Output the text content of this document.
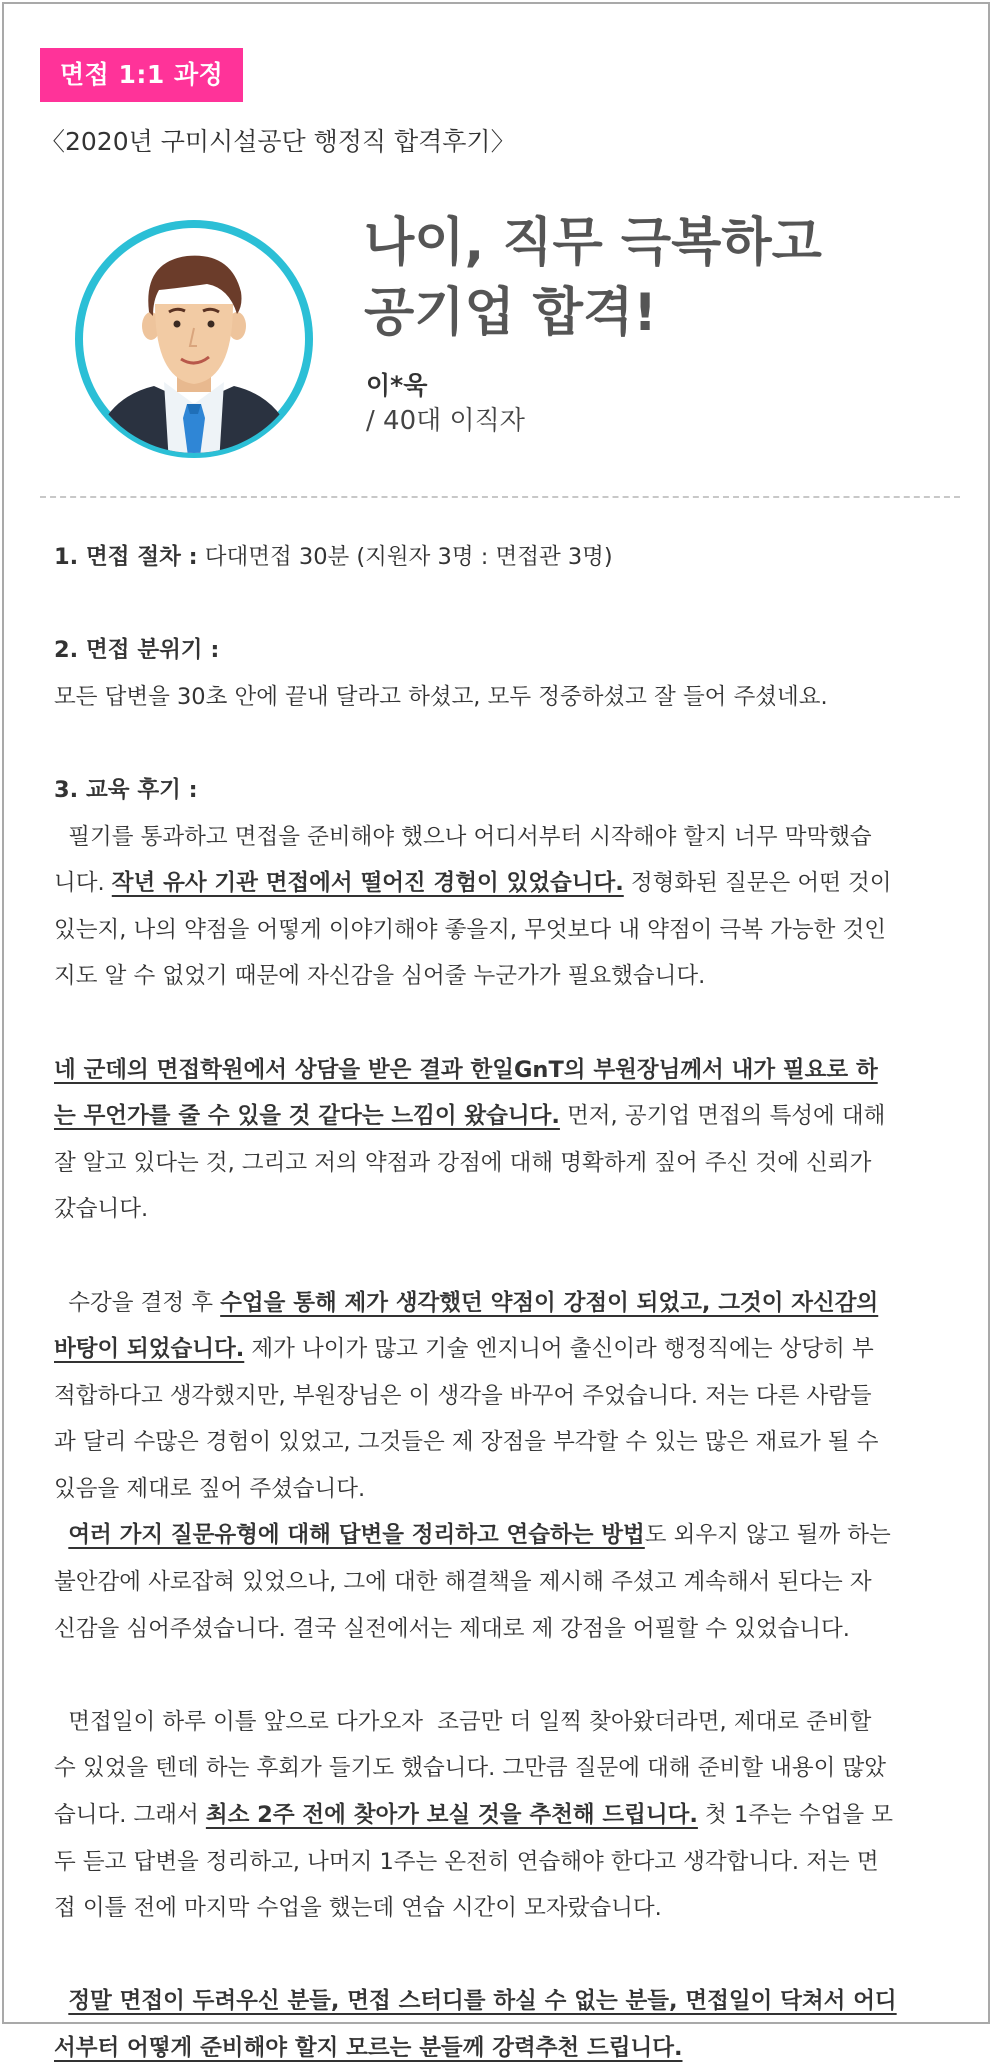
면접 1:1 과정
〈2020년 구미시설공단 행정직 합격후기〉
나이, 직무 극복하고
공기업 합격!
이*욱
/ 40대 이직자
1. 면접 절차 : 다대면접 30분 (지원자 3명 : 면접관 3명)
2. 면접 분위기 :
모든 답변을 30초 안에 끝내 달라고 하셨고, 모두 정중하셨고 잘 들어 주셨네요.
3. 교육 후기 :
필기를 통과하고 면접을 준비해야 했으나 어디서부터 시작해야 할지 너무 막막했습
니다. 작년 유사 기관 면접에서 떨어진 경험이 있었습니다. 정형화된 질문은 어떤 것이
있는지, 나의 약점을 어떻게 이야기해야 좋을지, 무엇보다 내 약점이 극복 가능한 것인
지도 알 수 없었기 때문에 자신감을 심어줄 누군가가 필요했습니다.
네 군데의 면접학원에서 상담을 받은 결과 한일GnT의 부원장님께서 내가 필요로 하
는 무언가를 줄 수 있을 것 같다는 느낌이 왔습니다. 먼저, 공기업 면접의 특성에 대해
잘 알고 있다는 것, 그리고 저의 약점과 강점에 대해 명확하게 짚어 주신 것에 신뢰가
갔습니다.
수강을 결정 후 수업을 통해 제가 생각했던 약점이 강점이 되었고, 그것이 자신감의
바탕이 되었습니다. 제가 나이가 많고 기술 엔지니어 출신이라 행정직에는 상당히 부
적합하다고 생각했지만, 부원장님은 이 생각을 바꾸어 주었습니다. 저는 다른 사람들
과 달리 수많은 경험이 있었고, 그것들은 제 장점을 부각할 수 있는 많은 재료가 될 수
있음을 제대로 짚어 주셨습니다.
여러 가지 질문유형에 대해 답변을 정리하고 연습하는 방법도 외우지 않고 될까 하는
불안감에 사로잡혀 있었으나, 그에 대한 해결책을 제시해 주셨고 계속해서 된다는 자
신감을 심어주셨습니다. 결국 실전에서는 제대로 제 강점을 어필할 수 있었습니다.
면접일이 하루 이틀 앞으로 다가오자  조금만 더 일찍 찾아왔더라면, 제대로 준비할
수 있었을 텐데 하는 후회가 들기도 했습니다. 그만큼 질문에 대해 준비할 내용이 많았
습니다. 그래서 최소 2주 전에 찾아가 보실 것을 추천해 드립니다. 첫 1주는 수업을 모
두 듣고 답변을 정리하고, 나머지 1주는 온전히 연습해야 한다고 생각합니다. 저는 면
접 이틀 전에 마지막 수업을 했는데 연습 시간이 모자랐습니다.
정말 면접이 두려우신 분들, 면접 스터디를 하실 수 없는 분들, 면접일이 닥쳐서 어디
서부터 어떻게 준비해야 할지 모르는 분들께 강력추천 드립니다.
